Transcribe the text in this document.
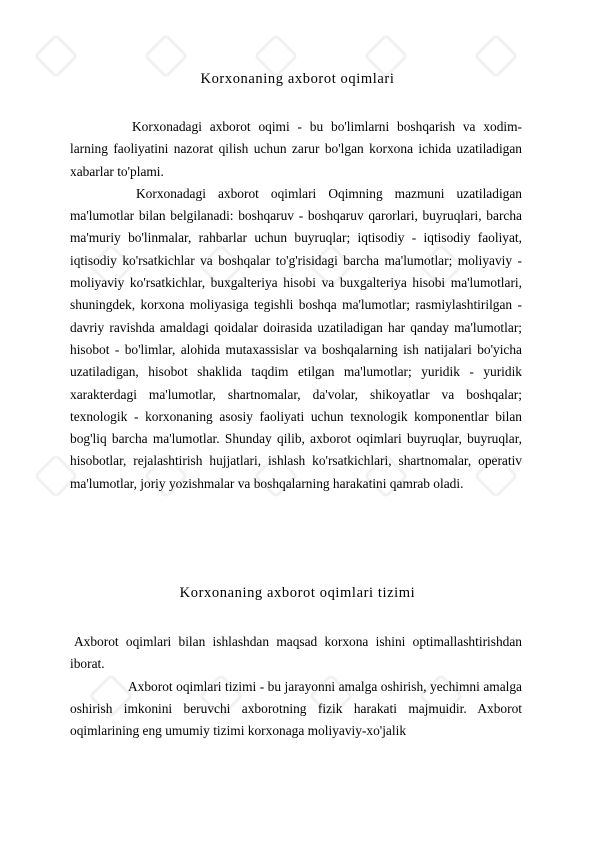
Korxonaning axborot oqimlari

Korxonadagi axborot oqimi - bu bo'limlarni boshqarish va xodim-larning faoliyatini nazorat qilish uchun zarur bo'lgan korxona ichida uzatiladigan xabarlar to'plami.

Korxonadagi axborot oqimlari Oqimning mazmuni uzatiladigan ma'lumotlar bilan belgilanadi: boshqaruv - boshqaruv qarorlari, buyruqlari, barcha ma'muriy bo'linmalar, rahbarlar uchun buyruqlar; iqtisodiy - iqtisodiy faoliyat, iqtisodiy ko'rsatkichlar va boshqalar to'g'risidagi barcha ma'lumotlar; moliyaviy - moliyaviy ko'rsatkichlar, buxgalteriya hisobi va buxgalteriya hisobi ma'lumotlari, shuningdek, korxona moliyasiga tegishli boshqa ma'lumotlar; rasmiylashtirilgan - davriy ravishda amaldagi qoidalar doirasida uzatiladigan har qanday ma'lumotlar; hisobot - bo'limlar, alohida mutaxassislar va boshqalarning ish natijalari bo'yicha uzatiladigan, hisobot shaklida taqdim etilgan ma'lumotlar; yuridik - yuridik xarakterdagi ma'lumotlar, shartnomalar, da'volar, shikoyatlar va boshqalar; texnologik - korxonaning asosiy faoliyati uchun texnologik komponentlar bilan bog'liq barcha ma'lumotlar. Shunday qilib, axborot oqimlari buyruqlar, buyruqlar, hisobotlar, rejalashtirish hujjatlari, ishlash ko'rsatkichlari, shartnomalar, operativ ma'lumotlar, joriy yozishmalar va boshqalarning harakatini qamrab oladi.

Korxonaning axborot oqimlari tizimi

Axborot oqimlari bilan ishlashdan maqsad korxona ishini optimallashtirishdan iborat.

Axborot oqimlari tizimi - bu jarayonni amalga oshirish, yechimni amalga oshirish imkonini beruvchi axborotning fizik harakati majmuidir. Axborot oqimlarining eng umumiy tizimi korxonaga moliyaviy-xo'jalik
